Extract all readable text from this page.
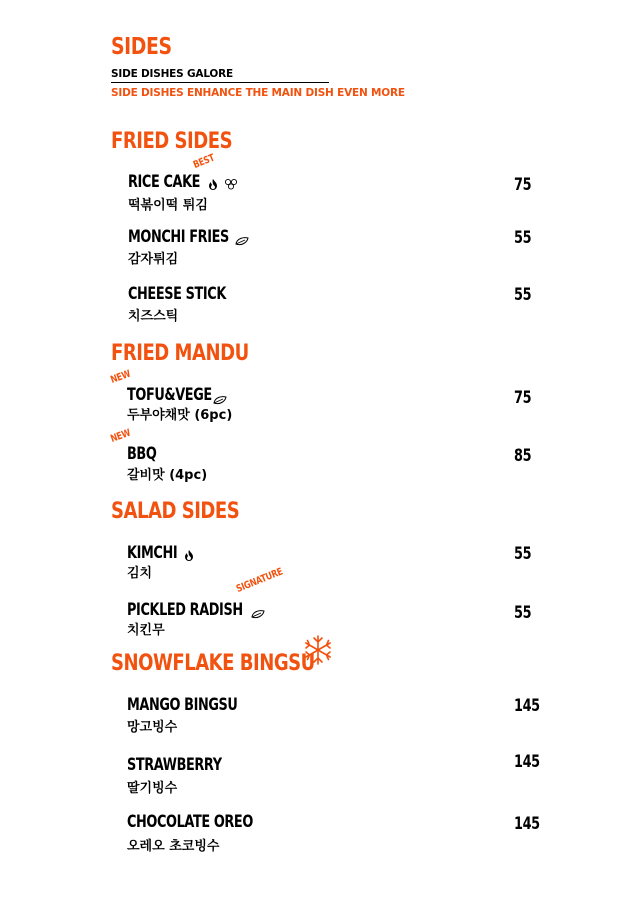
SIDES
SIDE DISHES GALORE
SIDE DISHES ENHANCE THE MAIN DISH EVEN MORE
FRIED SIDES
BEST
RICE CAKE
떡볶이떡 튀김
75
MONCHI FRIES
감자튀김
55
CHEESE STICK
치즈스틱
55
FRIED MANDU
NEW
TOFU&VEGE
두부야채맛 (6pc)
75
NEW
BBQ
갈비맛 (4pc)
85
SALAD SIDES
KIMCHI
김치
55
SIGNATURE
PICKLED RADISH
치킨무
55
SNOWFLAKE BINGSU
MANGO BINGSU
망고빙수
145
STRAWBERRY
딸기빙수
145
CHOCOLATE OREO
오레오 초코빙수
145
